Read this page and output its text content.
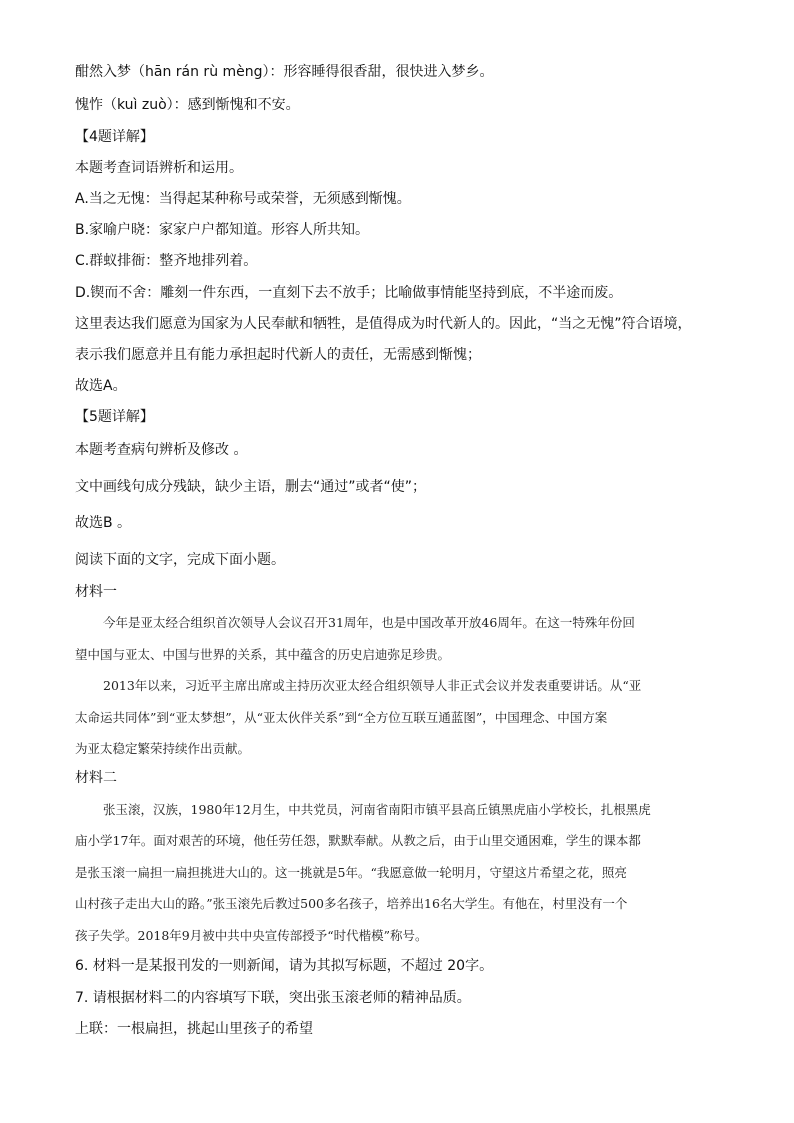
酣然入梦（hān rán rù mèng）：形容睡得很香甜，很快进入梦乡。
愧怍（kuì zuò）：感到惭愧和不安。
【4题详解】
本题考查词语辨析和运用。
A.当之无愧：当得起某种称号或荣誉，无须感到惭愧。
B.家喻户晓：家家户户都知道。形容人所共知。
C.群蚁排衙：整齐地排列着。
D.锲而不舍：雕刻一件东西，一直刻下去不放手；比喻做事情能坚持到底，不半途而废。
这里表达我们愿意为国家为人民奉献和牺牲，是值得成为时代新人的。因此，“当之无愧”符合语境，
表示我们愿意并且有能力承担起时代新人的责任，无需感到惭愧；
故选A。
【5题详解】
本题考查病句辨析及修改 。
文中画线句成分残缺，缺少主语，删去“通过”或者“使”；
故选B 。
阅读下面的文字，完成下面小题。
材料一
今年是亚太经合组织首次领导人会议召开31周年，也是中国改革开放46周年。在这一特殊年份回
望中国与亚太、中国与世界的关系，其中蕴含的历史启迪弥足珍贵。
2013年以来，习近平主席出席或主持历次亚太经合组织领导人非正式会议并发表重要讲话。从“亚
太命运共同体”到“亚太梦想”，从“亚太伙伴关系”到“全方位互联互通蓝图”，中国理念、中国方案
为亚太稳定繁荣持续作出贡献。
材料二
张玉滚，汉族，1980年12月生，中共党员，河南省南阳市镇平县高丘镇黑虎庙小学校长，扎根黑虎
庙小学17年。面对艰苦的环境，他任劳任怨，默默奉献。从教之后，由于山里交通困难，学生的课本都
是张玉滚一扁担一扁担挑进大山的。这一挑就是5年。“我愿意做一轮明月，守望这片希望之花，照亮
山村孩子走出大山的路。”张玉滚先后教过500多名孩子，培养出16名大学生。有他在，村里没有一个
孩子失学。2018年9月被中共中央宣传部授予“时代楷模”称号。
6. 材料一是某报刊发的一则新闻，请为其拟写标题，不超过 20字。
7. 请根据材料二的内容填写下联，突出张玉滚老师的精神品质。
上联：一根扁担，挑起山里孩子的希望
